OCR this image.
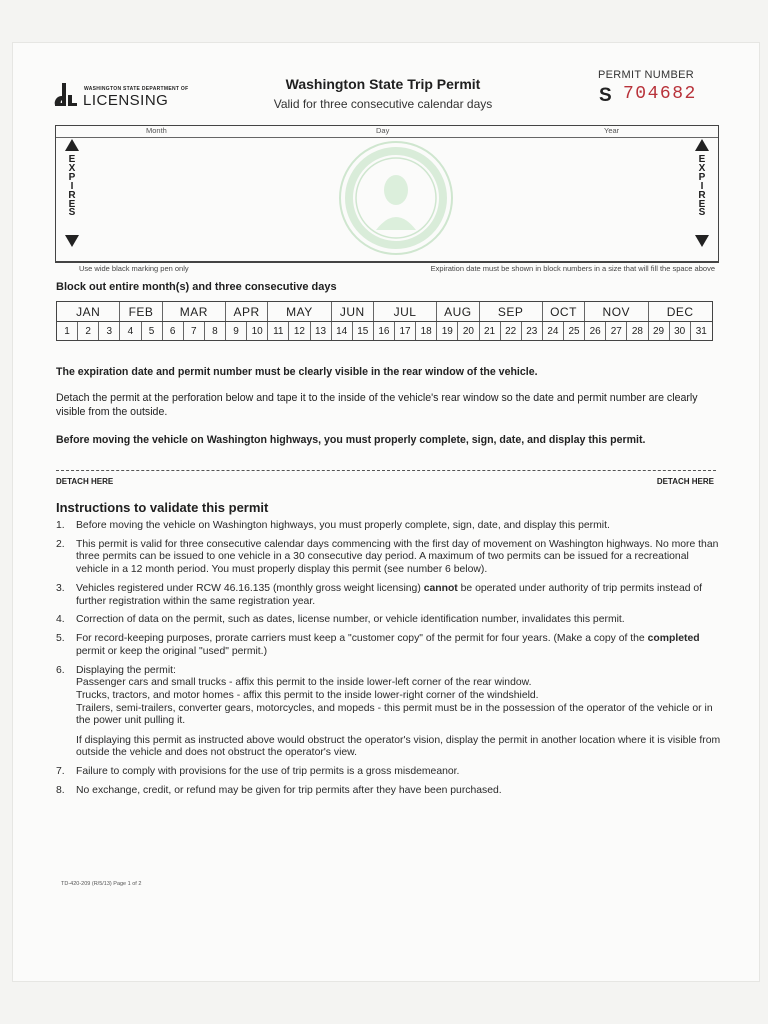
WASHINGTON STATE DEPARTMENT OF
LICENSING
Washington State Trip Permit
Valid for three consecutive calendar days
PERMIT NUMBER
S 704682
Month	Day	Year
EXPIRES
EXPIRES
Use wide black marking pen only	Expiration date must be shown in block numbers in a size that will fill the space above
Block out entire month(s) and three consecutive days
JAN	FEB	MAR	APR	MAY	JUN	JUL	AUG	SEP	OCT	NOV	DEC
1	2	3	4	5	6	7	8	9	10	11	12	13	14	15	16	17	18	19	20	21	22	23	24	25	26	27	28	29	30	31
The expiration date and permit number must be clearly visible in the rear window of the vehicle.
Detach the permit at the perforation below and tape it to the inside of the vehicle's rear window so the date and permit number are clearly visible from the outside.
Before moving the vehicle on Washington highways, you must properly complete, sign, date, and display this permit.
DETACH HERE	DETACH HERE
Instructions to validate this permit
1.	Before moving the vehicle on Washington highways, you must properly complete, sign, date, and display this permit.
2.	This permit is valid for three consecutive calendar days commencing with the first day of movement on Washington highways. No more than three permits can be issued to one vehicle in a 30 consecutive day period. A maximum of two permits can be issued for a recreational vehicle in a 12 month period. You must properly display this permit (see number 6 below).
3.	Vehicles registered under RCW 46.16.135 (monthly gross weight licensing) cannot be operated under authority of trip permits instead of further registration within the same registration year.
4.	Correction of data on the permit, such as dates, license number, or vehicle identification number, invalidates this permit.
5.	For record-keeping purposes, prorate carriers must keep a "customer copy" of the permit for four years. (Make a copy of the completed permit or keep the original "used" permit.)
6.	Displaying the permit:
Passenger cars and small trucks - affix this permit to the inside lower-left corner of the rear window.
Trucks, tractors, and motor homes - affix this permit to the inside lower-right corner of the windshield.
Trailers, semi-trailers, converter gears, motorcycles, and mopeds - this permit must be in the possession of the operator of the vehicle or in the power unit pulling it.
If displaying this permit as instructed above would obstruct the operator's vision, display the permit in another location where it is visible from outside the vehicle and does not obstruct the operator's view.
7.	Failure to comply with provisions for the use of trip permits is a gross misdemeanor.
8.	No exchange, credit, or refund may be given for trip permits after they have been purchased.
TD-420-209 (R/5/13) Page 1 of 2
